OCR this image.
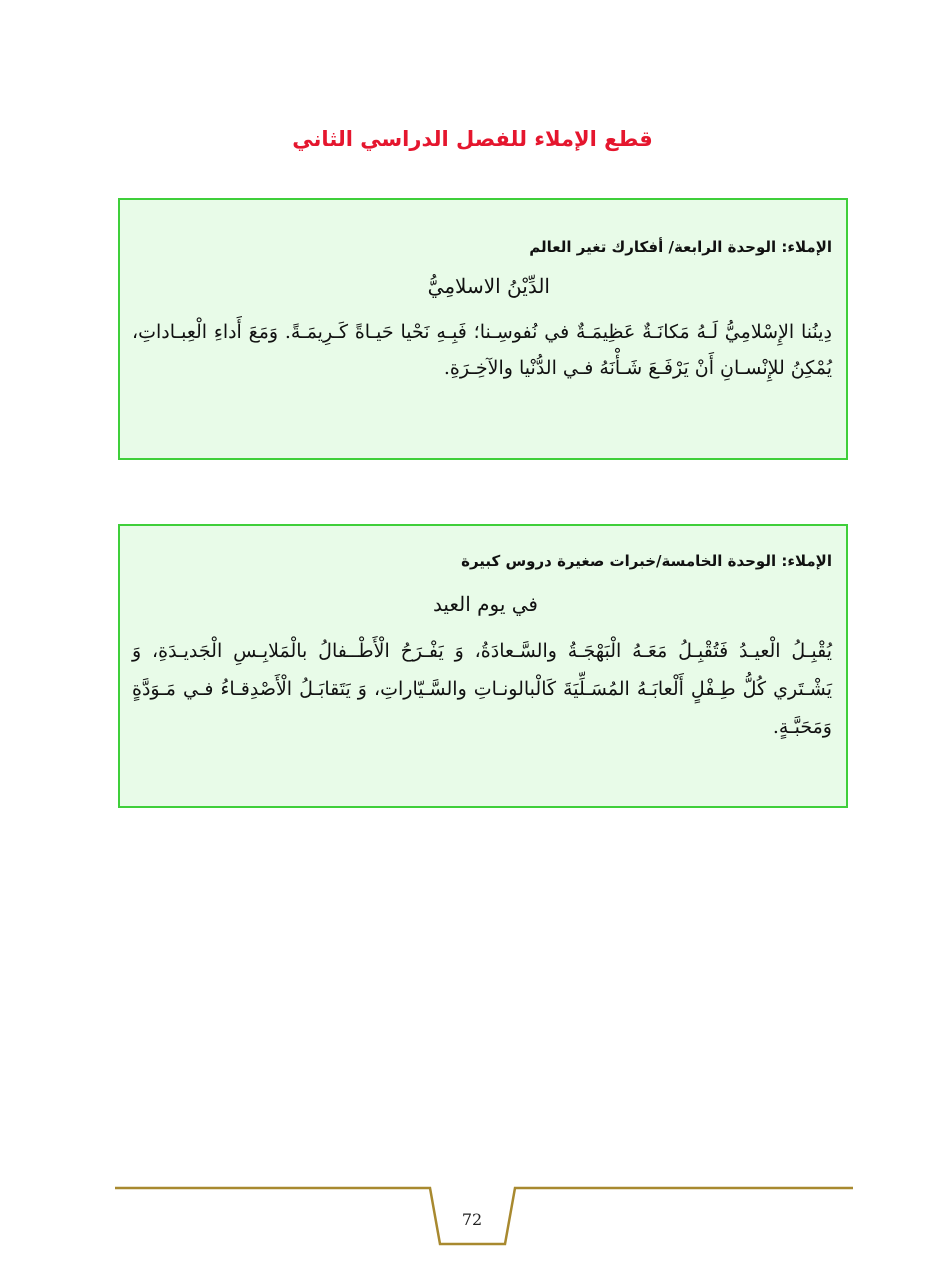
قطع الإملاء للفصل الدراسي الثاني
الإملاء: الوحدة الرابعة/ أفكارك تغير العالم
الدِّيْنُ الاسلامِيُّ
دِينُنا الإِسْلامِيُّ لَـهُ مَكانَـةٌ عَظِيمَـةٌ في نُفوسِـنا؛ فَبِـهِ نَحْيا حَيـاةً كَـرِيمَـةً. وَمَعَ أَداءِ الْعِبـاداتِ، يُمْكِنُ للإِنْسـانِ أَنْ يَرْفَـعَ شَـأْنَهُ فـي الدُّنْيا والآخِـرَةِ.
الإملاء: الوحدة الخامسة/خبرات صغيرة دروس كبيرة
في يوم العيد
يُقْبِـلُ الْعيـدُ فَتُقْبِـلُ مَعَـهُ الْبَهْجَـةُ والسَّـعادَةُ، وَ يَفْـرَحُ الْأَطْــفالُ بالْمَلابِـسِ الْجَديـدَةِ، وَ يَشْـتَري كُلُّ طِـفْلٍ أَلْعابَـهُ المُسَـلِّيَةَ كَالْبالونـاتِ والسَّـيّاراتِ، وَ يَتَقابَـلُ الْأَصْدِقـاءُ فـي مَـوَدَّةٍ وَمَحَبَّـةٍ.
72
